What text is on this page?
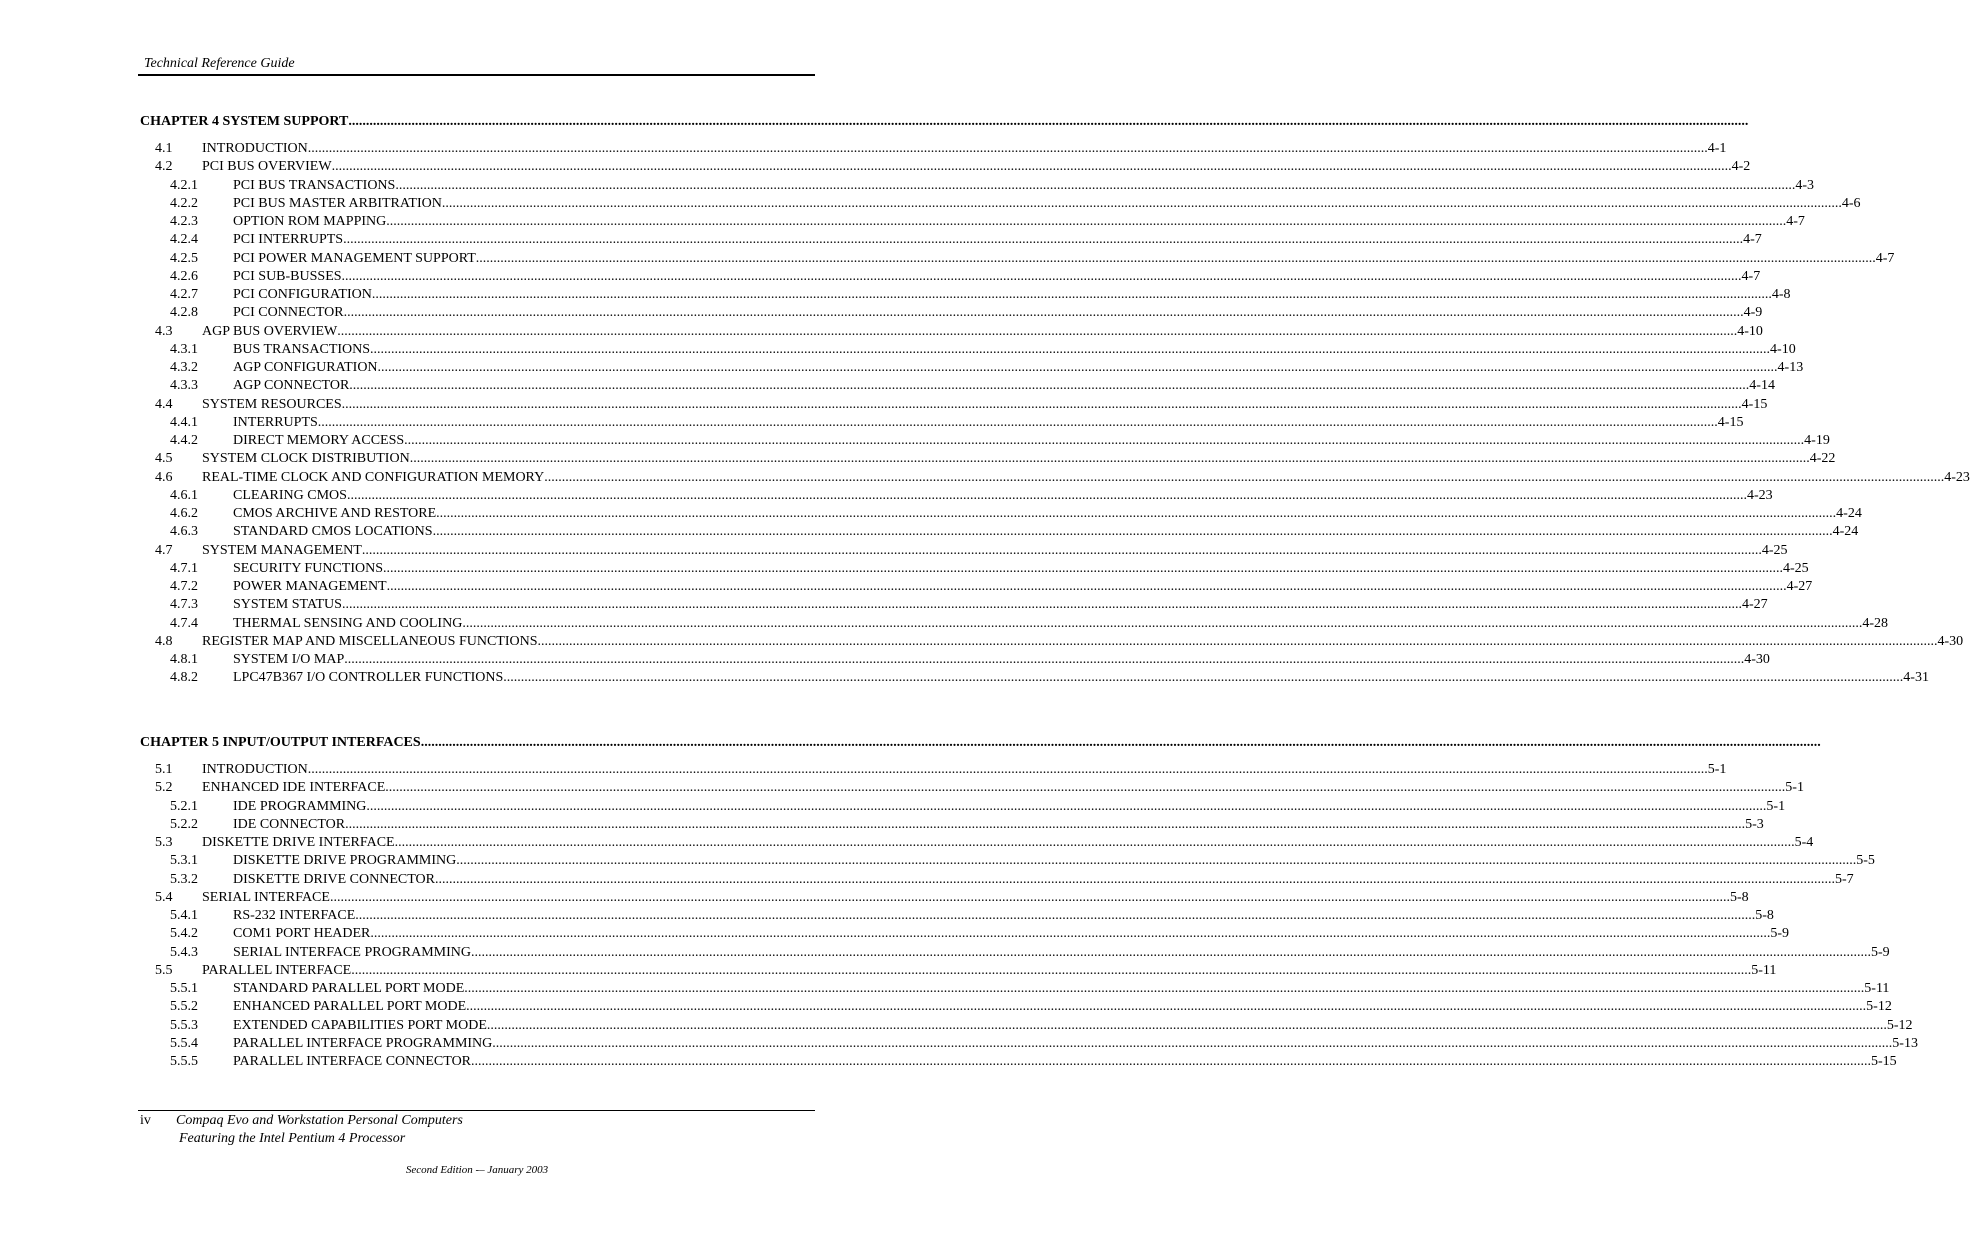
Technical Reference Guide
CHAPTER 4 SYSTEM SUPPORT ................................................................................................................................................................................................................................................................................................................................................................................................................
4.1 INTRODUCTION ................................................................................................................................................................................................................................................................................................................................................................................................................ 4-1
4.2 PCI BUS OVERVIEW ................................................................................................................................................................................................................................................................................................................................................................................................................ 4-2
4.2.1	PCI BUS TRANSACTIONS ................................................................................................................................................................................................................................................................................................................................................................................................................ 4-3
4.2.2	PCI BUS MASTER ARBITRATION ................................................................................................................................................................................................................................................................................................................................................................................................................ 4-6
4.2.3	OPTION ROM MAPPING ................................................................................................................................................................................................................................................................................................................................................................................................................ 4-7
4.2.4	PCI INTERRUPTS ................................................................................................................................................................................................................................................................................................................................................................................................................ 4-7
4.2.5	PCI POWER MANAGEMENT SUPPORT ................................................................................................................................................................................................................................................................................................................................................................................................................ 4-7
4.2.6	PCI SUB-BUSSES ................................................................................................................................................................................................................................................................................................................................................................................................................ 4-7
4.2.7	PCI CONFIGURATION ................................................................................................................................................................................................................................................................................................................................................................................................................ 4-8
4.2.8	PCI CONNECTOR ................................................................................................................................................................................................................................................................................................................................................................................................................ 4-9
4.3 AGP BUS OVERVIEW ................................................................................................................................................................................................................................................................................................................................................................................................................ 4-10
4.3.1	BUS TRANSACTIONS ................................................................................................................................................................................................................................................................................................................................................................................................................ 4-10
4.3.2	AGP CONFIGURATION ................................................................................................................................................................................................................................................................................................................................................................................................................ 4-13
4.3.3	AGP CONNECTOR ................................................................................................................................................................................................................................................................................................................................................................................................................ 4-14
4.4 SYSTEM RESOURCES ................................................................................................................................................................................................................................................................................................................................................................................................................ 4-15
4.4.1	INTERRUPTS ................................................................................................................................................................................................................................................................................................................................................................................................................ 4-15
4.4.2	DIRECT MEMORY ACCESS ................................................................................................................................................................................................................................................................................................................................................................................................................ 4-19
4.5 SYSTEM CLOCK DISTRIBUTION ................................................................................................................................................................................................................................................................................................................................................................................................................ 4-22
4.6 REAL-TIME CLOCK AND CONFIGURATION MEMORY ................................................................................................................................................................................................................................................................................................................................................................................................................ 4-23
4.6.1	CLEARING CMOS ................................................................................................................................................................................................................................................................................................................................................................................................................ 4-23
4.6.2	CMOS ARCHIVE AND RESTORE ................................................................................................................................................................................................................................................................................................................................................................................................................ 4-24
4.6.3	STANDARD CMOS LOCATIONS ................................................................................................................................................................................................................................................................................................................................................................................................................ 4-24
4.7 SYSTEM MANAGEMENT ................................................................................................................................................................................................................................................................................................................................................................................................................ 4-25
4.7.1	SECURITY FUNCTIONS ................................................................................................................................................................................................................................................................................................................................................................................................................ 4-25
4.7.2	POWER MANAGEMENT ................................................................................................................................................................................................................................................................................................................................................................................................................ 4-27
4.7.3	SYSTEM STATUS ................................................................................................................................................................................................................................................................................................................................................................................................................ 4-27
4.7.4	THERMAL SENSING AND COOLING ................................................................................................................................................................................................................................................................................................................................................................................................................ 4-28
4.8 REGISTER MAP AND MISCELLANEOUS FUNCTIONS ................................................................................................................................................................................................................................................................................................................................................................................................................ 4-30
4.8.1	SYSTEM I/O MAP ................................................................................................................................................................................................................................................................................................................................................................................................................ 4-30
4.8.2	LPC47B367 I/O CONTROLLER FUNCTIONS ................................................................................................................................................................................................................................................................................................................................................................................................................ 4-31
CHAPTER 5 INPUT/OUTPUT INTERFACES ................................................................................................................................................................................................................................................................................................................................................................................................................
5.1 INTRODUCTION ................................................................................................................................................................................................................................................................................................................................................................................................................ 5-1
5.2 ENHANCED IDE INTERFACE ................................................................................................................................................................................................................................................................................................................................................................................................................ 5-1
5.2.1	IDE PROGRAMMING ................................................................................................................................................................................................................................................................................................................................................................................................................ 5-1
5.2.2	IDE CONNECTOR ................................................................................................................................................................................................................................................................................................................................................................................................................ 5-3
5.3 DISKETTE DRIVE INTERFACE ................................................................................................................................................................................................................................................................................................................................................................................................................ 5-4
5.3.1	DISKETTE DRIVE PROGRAMMING ................................................................................................................................................................................................................................................................................................................................................................................................................ 5-5
5.3.2	DISKETTE DRIVE CONNECTOR ................................................................................................................................................................................................................................................................................................................................................................................................................ 5-7
5.4 SERIAL INTERFACE ................................................................................................................................................................................................................................................................................................................................................................................................................ 5-8
5.4.1	RS-232 INTERFACE ................................................................................................................................................................................................................................................................................................................................................................................................................ 5-8
5.4.2	COM1 PORT HEADER ................................................................................................................................................................................................................................................................................................................................................................................................................ 5-9
5.4.3	SERIAL INTERFACE PROGRAMMING ................................................................................................................................................................................................................................................................................................................................................................................................................ 5-9
5.5 PARALLEL INTERFACE ................................................................................................................................................................................................................................................................................................................................................................................................................ 5-11
5.5.1	STANDARD PARALLEL PORT MODE ................................................................................................................................................................................................................................................................................................................................................................................................................ 5-11
5.5.2	ENHANCED PARALLEL PORT MODE ................................................................................................................................................................................................................................................................................................................................................................................................................ 5-12
5.5.3	EXTENDED CAPABILITIES PORT MODE ................................................................................................................................................................................................................................................................................................................................................................................................................ 5-12
5.5.4	PARALLEL INTERFACE PROGRAMMING ................................................................................................................................................................................................................................................................................................................................................................................................................ 5-13
5.5.5	PARALLEL INTERFACE CONNECTOR ................................................................................................................................................................................................................................................................................................................................................................................................................ 5-15
iv Compaq Evo and Workstation Personal Computers
Featuring the Intel Pentium 4 Processor
Second Edition -– January 2003
